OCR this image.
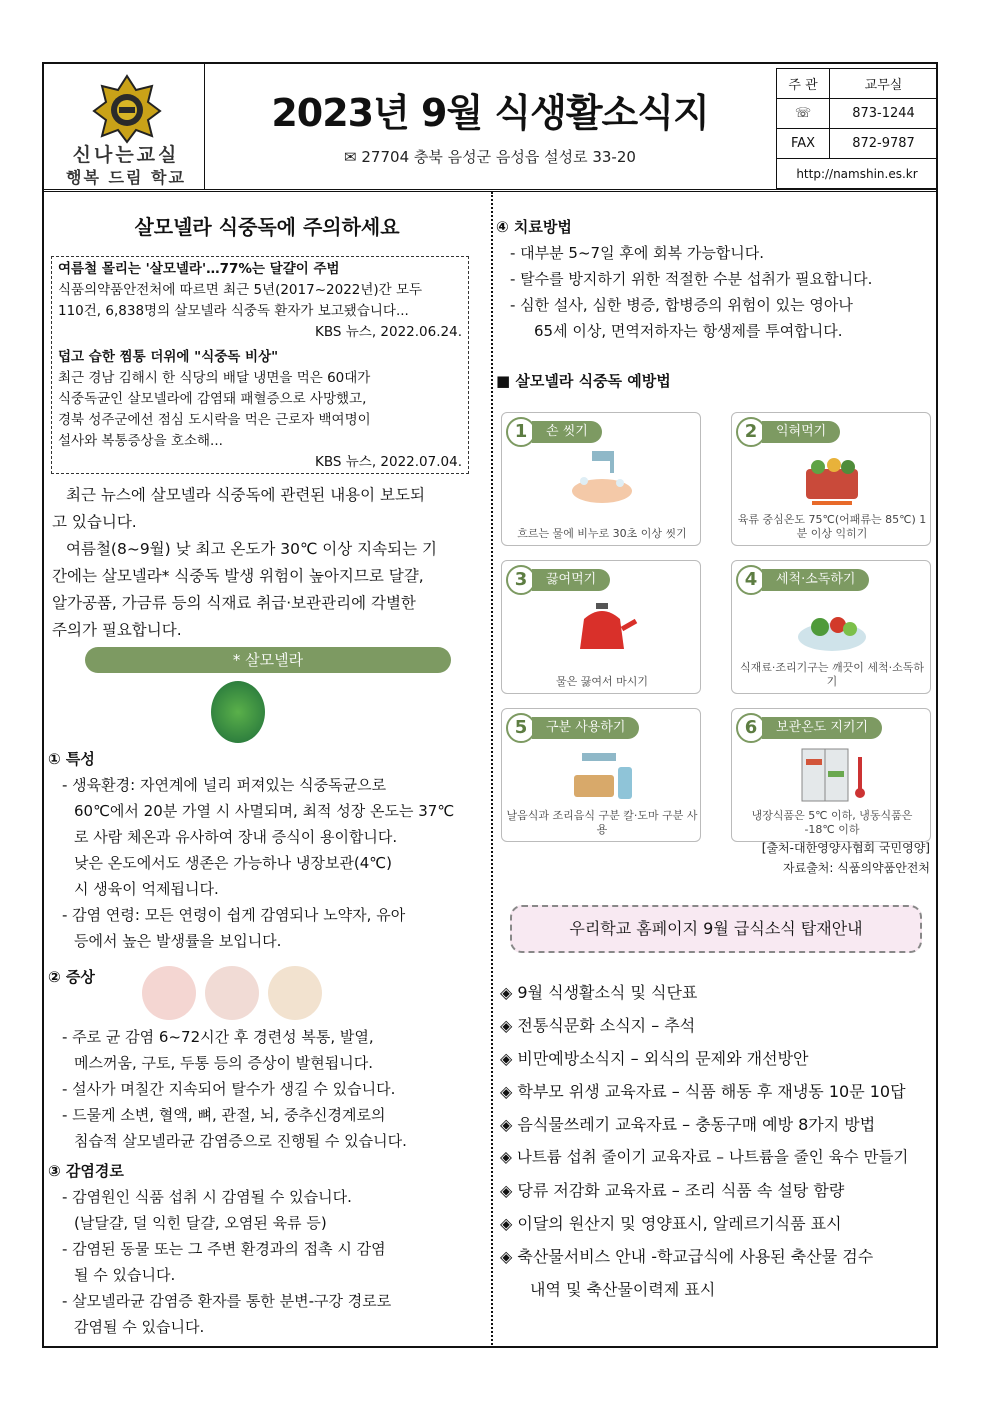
신나는교실
행복 드림 학교
2023년 9월 식생활소식지
✉ 27704 충북 음성군 음성읍 설성로 33-20
주 관	교무실
☏	873-1244
FAX	872-9787
http://namshin.es.kr	
살모넬라 식중독에 주의하세요
여름철 몰리는 '살모넬라'…77%는 달걀이 주범
식품의약품안전처에 따르면 최근 5년(2017~2022년)간 모두
110건, 6,838명의 살모넬라 식중독 환자가 보고됐습니다...
KBS 뉴스, 2022.06.24.
덥고 습한 찜통 더위에 "식중독 비상"
최근 경남 김해시 한 식당의 배달 냉면을 먹은 60대가
식중독균인 살모넬라에 감염돼 패혈증으로 사망했고,
경북 성주군에선 점심 도시락을 먹은 근로자 백여명이
설사와 복통증상을 호소해...
KBS 뉴스, 2022.07.04.
최근 뉴스에 살모넬라 식중독에 관련된 내용이 보도되
고 있습니다.
여름철(8~9월) 낮 최고 온도가 30℃ 이상 지속되는 기
간에는 살모넬라* 식중독 발생 위험이 높아지므로 달걀,
알가공품, 가금류 등의 식재료 취급·보관관리에 각별한
주의가 필요합니다.
* 살모넬라
① 특성
- 생육환경: 자연계에 널리 퍼져있는 식중독균으로
60℃에서 20분 가열 시 사멸되며, 최적 성장 온도는 37℃
로 사람 체온과 유사하여 장내 증식이 용이합니다.
낮은 온도에서도 생존은 가능하나 냉장보관(4℃)
시 생육이 억제됩니다.
- 감염 연령: 모든 연령이 쉽게 감염되나 노약자, 유아
등에서 높은 발생률을 보입니다.
② 증상
- 주로 균 감염 6~72시간 후 경련성 복통, 발열,
메스꺼움, 구토, 두통 등의 증상이 발현됩니다.
- 설사가 며칠간 지속되어 탈수가 생길 수 있습니다.
- 드물게 소변, 혈액, 뼈, 관절, 뇌, 중추신경계로의
침습적 살모넬라균 감염증으로 진행될 수 있습니다.
③ 감염경로
- 감염원인 식품 섭취 시 감염될 수 있습니다.
(날달걀, 덜 익힌 달걀, 오염된 육류 등)
- 감염된 동물 또는 그 주변 환경과의 접촉 시 감염
될 수 있습니다.
- 살모넬라균 감염증 환자를 통한 분변-구강 경로로
감염될 수 있습니다.
④ 치료방법
- 대부분 5~7일 후에 회복 가능합니다.
- 탈수를 방지하기 위한 적절한 수분 섭취가 필요합니다.
- 심한 설사, 심한 병증, 합병증의 위험이 있는 영아나
65세 이상, 면역저하자는 항생제를 투여합니다.
■ 살모넬라 식중독 예방법
1	손 씻기
흐르는 물에 비누로 30초 이상 씻기
2	익혀먹기
육류 중심온도 75℃(어패류는 85℃) 1분 이상 익히기
3	끓여먹기
물은 끓여서 마시기
4	세척·소독하기
식재료·조리기구는 깨끗이 세척·소독하기
5	구분 사용하기
날음식과 조리음식 구분 칼·도마 구분 사용
6	보관온도 지키기
냉장식품은 5℃ 이하, 냉동식품은 -18℃ 이하
[출처-대한영양사협회 국민영양]
자료출처: 식품의약품안전처
우리학교 홈페이지 9월 급식소식 탑재안내
◈ 9월 식생활소식 및 식단표
◈ 전통식문화 소식지 – 추석
◈ 비만예방소식지 – 외식의 문제와 개선방안
◈ 학부모 위생 교육자료 – 식품 해동 후 재냉동 10문 10답
◈ 음식물쓰레기 교육자료 – 충동구매 예방 8가지 방법
◈ 나트륨 섭취 줄이기 교육자료 – 나트륨을 줄인 육수 만들기
◈ 당류 저감화 교육자료 – 조리 식품 속 설탕 함량
◈ 이달의 원산지 및 영양표시, 알레르기식품 표시
◈ 축산물서비스 안내 -학교급식에 사용된 축산물 검수
내역 및 축산물이력제 표시
